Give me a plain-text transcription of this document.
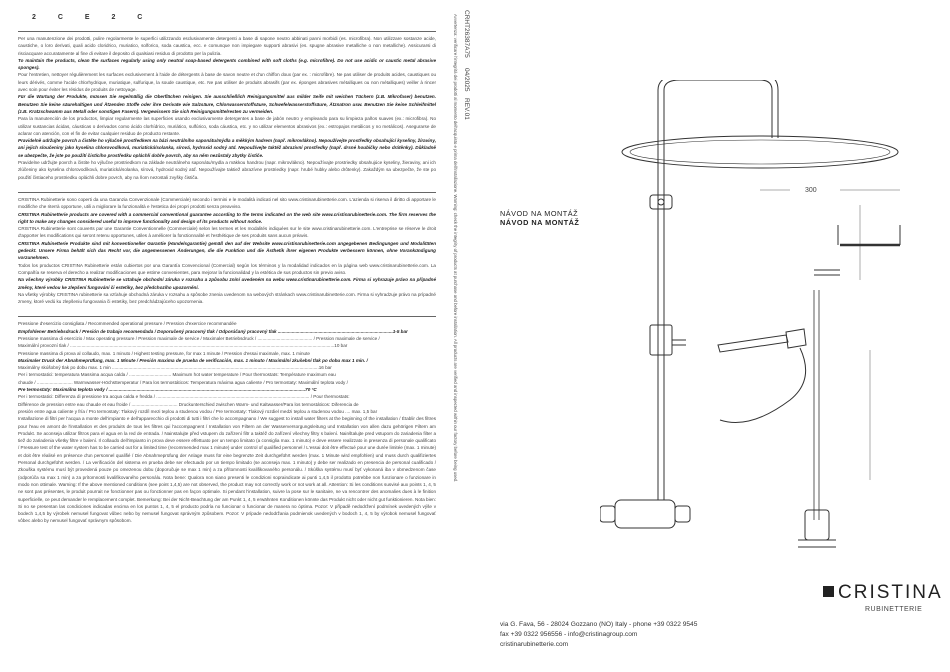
2 C E 2 C
Per una manutenzione dei prodotti, pulire regolarmente le superfici utilizzando esclusivamente detergenti a base di sapone neutro abbinati panni morbidi (es. microfibra). Non utilizzare sostanze acide, caustiche, o loro derivati, quali acido cloridrico, muriatico, solforico, soda caustica, ecc. e comunque non impiegare supporti abrasivi (es. spugne abrasive metalliche o non metalliche). Assicurarsi di risciacquare accuratamente al fine di evitare il deposito di qualsiasi residuo di prodotto per la pulizia.
To maintain the products, clean the surfaces regularly using only neutral soap-based detergents combined with soft cloths (e.g. microfibre). Do not use acidic or caustic metal abrasive sponges).
Pour l'entretien, nettoyer régulièrement les surfaces exclusivement à l'aide de détergents à base de savon neutre et d'un chiffon doux (par ex. : microfibre). Ne pas utiliser de produits acides, caustiques ou leurs dérivés, comme l'acide chlorhydrique, muriatique, sulfurique, la soude caustique, etc. Ne pas utiliser de produits abrasifs (par ex. éponges abrasives métalliques ou non métalliques) veiller à rincer avec soin pour éviter les résidus de produits de nettoyage.
Für die Wartung der Produkte, müssen Sie regelmäßig die Oberflächen reinigen. Sie ausschließlich Reinigungsmittel aus milder Seife mit weichen Tüchern (z.B. Mikrofaser) benutzen. Benutzen Sie keine säurehaltigen und Ätzenden Stoffe oder ihre Derivate wie Salzsäure, Chlorwasserstoffsäure, Schwefelwasserstoffsäure, Ätznatron usw. Benutzen Sie keine Schleifmittel (z.B. Kratzschwamm aus Metall oder sonstigen Fasern). Vergewissern Sie sich Reinigungsmittelresten zu vermeiden.
Para la manutención de los productos, limpiar regularmente las superficies usando exclusivamente detergentes a base de jabón neutro y empleando para su limpieza paños suaves (ex.: microfibra). No utilizar sustancias ácidas, cáusticas o derivados como ácido clorhídrico, muriático, sulfúrico, soda cáustica, etc. y no utilizar elementos abrasivos (ex.: estropajos metálicos y no metálicos). Asegurarse de aclarar con atención, con el fin de evitar cualquier residuo de producto restante.
Pravidelně udržujte povrch a čistěte ho výlučně prostředkem na bázi neutrálního saponátu/mýdla a měkkým hadrem (např. mikrovlákno). Nepoužívejte prostředky obsahující kyseliny, žíraviny, ani jejich sloučeniny jako kyselina chlorovodíková, muriatická/solanka, sírová, hydroxid sodný atd. Nepoužívejte taktéž abrazivní prostředky (např. drsné houbičky nebo drátěnky). Důkladně se ubezpečte, že jste po použití čistícího prostředku opláchli dobře povrch, aby na něm nezůstaly zbytky čističe.
Pravidelne udržujte povrch a čistite ho výlučne prostriedkom na základe neutrálneho saponátu/mydla a mäkkou handrou (napr. mikrovlákno). Nepoužívajte prostriedky obsahujúce kyseliny, žieraviny, ani ich zlúčeniny ako kyselina chlorovodíková, muriatická/solanka, sírová, hydroxid sodný atď. Nepoužívajte taktiež abrazívne prostriedky (napr. hrubé hubky alebo drôtenky). Zakaždým sa ubezpečte, že ste po použití čistiaceho prostriedku opláchli dobre povrch, aby na ňom nezostali zvyšky čističa.
CRISTINA Rubinetterie sono coperti da una Garanzia Convenzionale (Commerciale) secondo i termini e le modalità indicati nel sito www.cristinarubinetterie.com. L'azienda si riserva il diritto di apportare le modifiche che riterrà opportune, utili a migliorare la funzionalità e l'estetica dei propri prodotti senza preavviso.
CRISTINA Rubinetterie products are covered with a commercial conventional guarantee according to the terms indicated on the web site www.cristinarubinetterie.com. The firm reserves the right to make any changes considered useful to improve functionality and design of its products without notice.
CRISTINA Rubinetterie sont couverts par une Garantie Conventionnelle (Commerciale) selon les termes et les modalités indiquées sur le site www.cristinarubinetterie.com. L'entreprise se réserve le droit d'apporter les modifications qui seront retenu opportunes, utiles à améliorer la fonctionnalité et l'esthétique de ses produits sans aucun préavis.
CRISTINA Rubinetterie Produkte sind mit konventioneller Garantie (Handelsgarantie) gemäß den auf der Website www.cristinarubinetterie.com angegebenen Bedingungen und Modalitäten gedeckt. Unsere Firma behält sich das Recht vor, die angemessenen Änderungen, die die Funktion und die Ästhetik ihrer eigenen Produkte verbessern können, ohne Vorankündigung vorzunehmen.
Todos los productos CRISTINA Rubinetterie están cubiertos por una Garantía Convencional (Comercial) según los términos y la modalidad indicados en la página web www.cristinarubinetterie.com. La Compañía se reserva el derecho a realizar modificaciones que estime convenientes, para mejorar la funcionalidad y la estética de sus productos sin previo aviso.
Na všechny výrobky CRISTINA Rubinetterie se vztahuje obchodní záruka v rozsahu a způsobu zníní uvedeném na webu www.cristinarubinetterie.com. Firma si vyhrazuje právo na případné změny, které vedou ke zlepšení fungování či estetiky, bez předchozího upozornění.
Na všetky výrobky CRISTINA rubinetterie sa vzťahuje obchodná záruka v rozsahu a spôsobe znenia uvedenom na webových stránkach www.cristinarubinetterie.com. Firma si vyhradzuje právo na prípadné zmeny, ktoré vedú ku zlepšeniu fungovania či estetiky, bez predchádzajúceho upozornenia.
Pressione d'esercizio consigliata / Recommended operational pressure / Pression d'exercice recommandée
Empfohlener Betriebsdruck / Presión de trabajo recomendada / Doporučený pracovný tlak / Odporúčaný pracovný tlak ..........................................................................................1-5 bar
Pressione massima di esercizio / Max operating pressure / Pression maximale de service / Maximaler Betriebsdruck / ........................................... / Pression maximale de service /
Maximální provozní tlak / ...............................................................................................................................................................................................................10 bar
Pressione massima di prova al collaudo, max. 1 minuto / Highest testing pressure, for max 1 minute / Pression d'essai maximale, max. 1 minute
Maximaler Druck der Abnahmeprüfung, max. 1 Minute / Presión maxima de prueba de verificación, max. 1 minuto / Maximální zkušební tlak po dobu max 1 min. /
Maximálny skúšobný tlak po dobu max. 1 min ..................................................................................................................................................................16 bar
Per i termostatici: temperatura Massima acqua calda / ................................. Maximum hot water temperature / Pour thermostats: Température maximum eau
chaude / ............................ Warmwasser-Höchsttemperatur / Para los termostáticos: Temperatura máxima agua caliente / Pro termostaty: Maximální teplota vody /
Pre termostaty: Maximálna teplota vody / ..........................................................................................................................................................70 °C
Per i termostatici: Differenza di pressione tra acqua calda e fredda / ........................................................................................................................ / Pour thermostats:
Différence de pression entre eau chaude et eau froide / .................................... Druckunterschied zwischen Warm- und Kaltwasser/Para los termostáticos: Diferencia de
presión entre agua caliente y fría / Pro termostaty: Tlakový rozdíl mezi teplou a studenou vodou / Pre termostaty: Tlakový rozdiel medzi teplou a studenou vodou .... max. 1,5 bar
Installazione di filtri per l'acqua a monte dell'impianto e dell'apparecchio di prodotti di tutti i filtri che lo accompagnano / We suggest to install water filters at the beginning of the installation / Établir des filtres pour l'eau en amont de l'installation et des produits de tous les filtres qui l'accompagnent / Installation von Filtern an der Wasserversorgungsleitung und Installation von allen dazu gehörigen Filtern am Produkt. Se aconseja utilizar filtros para el agua en la red de entrada. / Nainstalujte před vstupem do zařízení filtr a taktéž do zařízení všechny filtry s balení. Nainštalujte pred vstupom do zariadenia filter a tiež do zariadenia všetky filtre v balení. Il collaudo dell'impianto in prova deve essere effettuato per un tempo limitato (a consiglia max. 1 minuto) e deve essere realizzato in presenza di personale qualificato / Pressure test of the water system has to be carried out for a limited time (recommended max 1 minute) under control of qualified personnel / L'essai doit être effectué pour une durée limitée (max. 1 minute) et doit être réalisé en présence d'un personnel qualifié / Die Abnahmeprüfung der Anlage muss für eine begrenzte Zeit durchgeführt werden (max. 1 Minute wird empfohlen) und muss durch qualifiziertes Personal durchgeführt werden. / La verificación del sistema en prueba debe ser efectuado por un tiempo limitado (se aconseja max. 1 minuto) y debe ser realizado en presencia de personal cualificado / Zkouška systému musí být provedená pouze po omezenou dobu (doporučuje se max 1 min) a za přítomnosti kvalifikovaného personálu. / Skúška systému musí byť vykonaná iba v obmedzenom čase (odporúča sa max 1 min) a za prítomnosti kvalifikovaného personálu. Nota bene: Qualora non siano presenti le condizioni sopraindicate ai punti 1,4,5 il prodotto potrebbe non funzionare o funzionare in modo non ottimale. Warning: If the above mentioned conditions (see point 1,4,5) are not observed, the product may not correctly work or not work at all. Attention: Si les conditions susvisé aux points 1, 4, 5 ne sont pas présentes, le produit pourrait ne fonctionner pas ou fonctionner pas en façon optimale. Si pendant l'installation, suivre la pose sur le sanitaire, ne va rencontrer des anomalies dues à le finition superficielle, ce peut demander le remplacement complet. Bemerkung: Bei der Nicht-Beachtung der am Punkt 1, 4, 5 erwähnten Konditionen könnte das Produkt nicht oder nicht gut funktionieren. Nota bien: Si no se presentan las condiciones indicadas encima en los puntos 1, 4, 5 el producto podría no funcionar o funcionar de manera no óptima. Pozor: V případě nedodržení podmínek uvedených výše v bodech 1,4,5 by výrobek nemusel fungovat vůbec nebo by nemusel fungovat správným způsobem. Pozor: V prípade nedodržania podmienok uvedených v bodoch 1, 4, 5 by výrobok nemusel fungovať vôbec alebo by nemusel fungovať správnym spôsobom.
Avvertenza: verificare l'integrità dei prodotti al momento dell'acquisto e prima dell'installazione. Warning: check the integrity of products at purchase and before installation. All products are verified and inspected within our factory before being used. CRHT26387A75
04/2025
REV.01
NÁVOD NA MONTÁŽ
NÁVOD NA MONTÁŽ
300
CRISTINA
RUBINETTERIE
via G. Fava, 56 - 28024 Gozzano (NO) Italy - phone +39 0322 9545
fax +39 0322 956556 - info@cristinagroup.com
cristinarubinetterie.com
